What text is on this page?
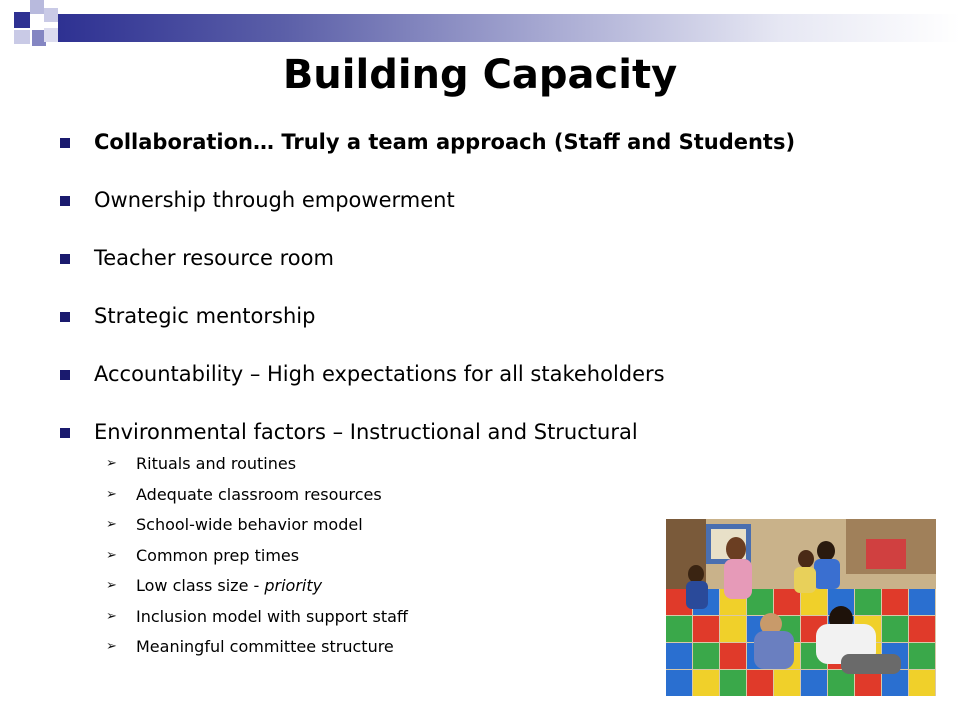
Building Capacity
Collaboration… Truly a team approach (Staff and Students)
Ownership through empowerment
Teacher resource room
Strategic mentorship
Accountability – High expectations for all stakeholders
Environmental factors – Instructional and Structural
➢	Rituals and routines
➢	Adequate classroom resources
➢	School-wide behavior model
➢	Common prep times
➢	Low class size - priority
➢	Inclusion model with support staff
➢	Meaningful committee structure
